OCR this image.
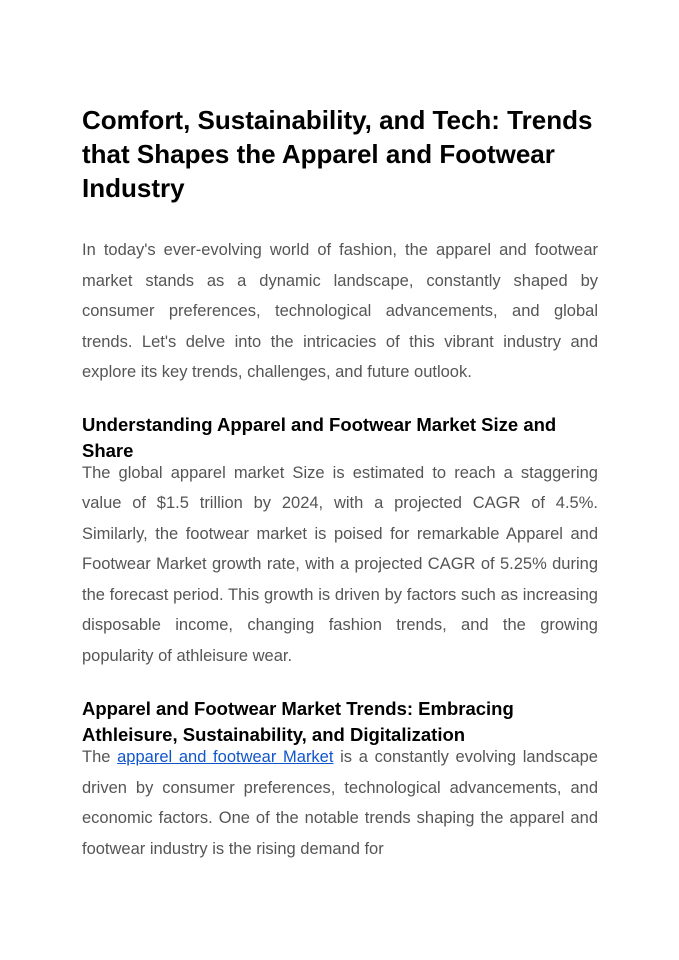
Comfort, Sustainability, and Tech: Trends that Shapes the Apparel and Footwear Industry

In today's ever-evolving world of fashion, the apparel and footwear market stands as a dynamic landscape, constantly shaped by consumer preferences, technological advancements, and global trends. Let's delve into the intricacies of this vibrant industry and explore its key trends, challenges, and future outlook.

Understanding Apparel and Footwear Market Size and Share

The global apparel market Size is estimated to reach a staggering value of $1.5 trillion by 2024, with a projected CAGR of 4.5%. Similarly, the footwear market is poised for remarkable Apparel and Footwear Market growth rate, with a projected CAGR of 5.25% during the forecast period. This growth is driven by factors such as increasing disposable income, changing fashion trends, and the growing popularity of athleisure wear.

Apparel and Footwear Market Trends: Embracing Athleisure, Sustainability, and Digitalization

The apparel and footwear Market is a constantly evolving landscape driven by consumer preferences, technological advancements, and economic factors. One of the notable trends shaping the apparel and footwear industry is the rising demand for
